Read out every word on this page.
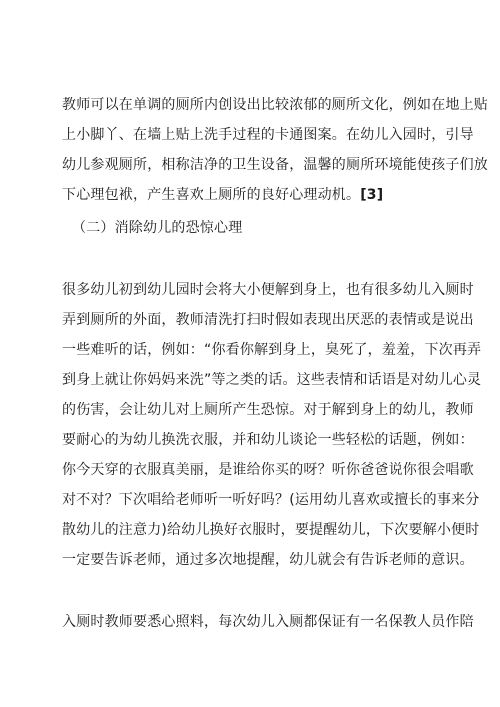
教师可以在单调的厕所内创设出比较浓郁的厕所文化，例如在地上贴
上小脚丫、在墙上贴上洗手过程的卡通图案。在幼儿入园时，引导
幼儿参观厕所，相称洁净的卫生设备，温馨的厕所环境能使孩子们放
下心理包袱，产生喜欢上厕所的良好心理动机。[3]
（二）消除幼儿的恐惊心理
很多幼儿初到幼儿园时会将大小便解到身上，也有很多幼儿入厕时
弄到厕所的外面，教师清洗打扫时假如表现出厌恶的表情或是说出
一些难听的话，例如：“你看你解到身上，臭死了，羞羞，下次再弄
到身上就让你妈妈来洗”等之类的话。这些表情和话语是对幼儿心灵
的伤害，会让幼儿对上厕所产生恐惊。对于解到身上的幼儿，教师
要耐心的为幼儿换洗衣服，并和幼儿谈论一些轻松的话题，例如：
你今天穿的衣服真美丽，是谁给你买的呀？听你爸爸说你很会唱歌
对不对？下次唱给老师听一听好吗？(运用幼儿喜欢或擅长的事来分
散幼儿的注意力)给幼儿换好衣服时，要提醒幼儿，下次要解小便时
一定要告诉老师，通过多次地提醒，幼儿就会有告诉老师的意识。
入厕时教师要悉心照料，每次幼儿入厕都保证有一名保教人员作陪
